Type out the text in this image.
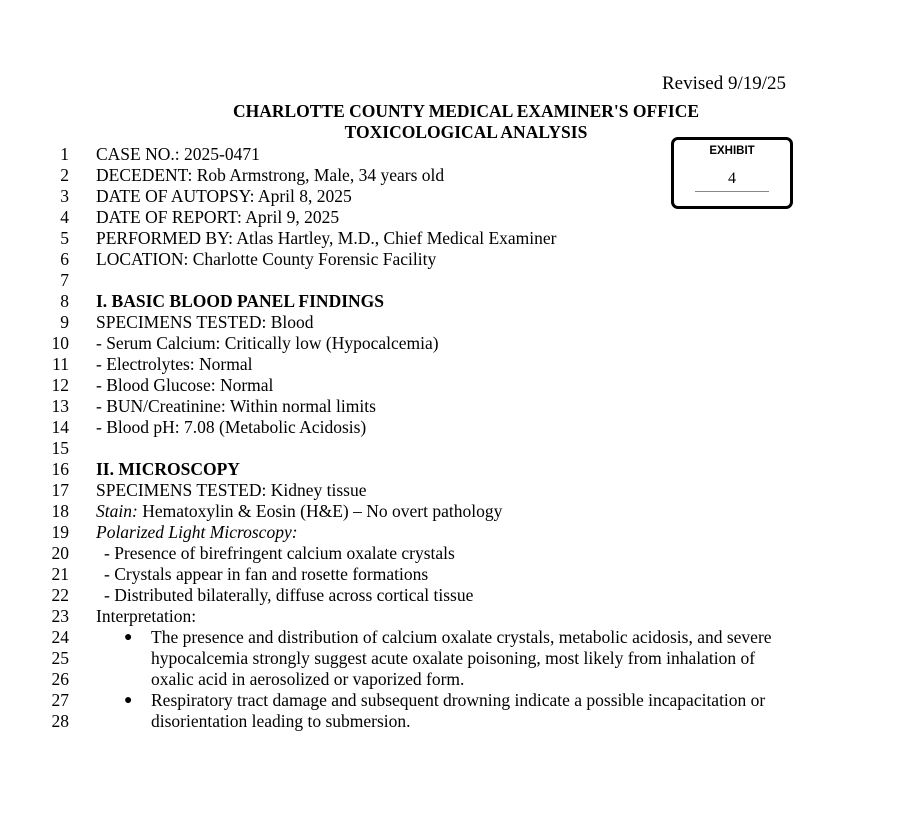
Revised 9/19/25
CHARLOTTE COUNTY MEDICAL EXAMINER'S OFFICE
TOXICOLOGICAL ANALYSIS
EXHIBIT
4
1 CASE NO.: 2025-0471
2 DECEDENT: Rob Armstrong, Male, 34 years old
3 DATE OF AUTOPSY: April 8, 2025
4 DATE OF REPORT: April 9, 2025
5 PERFORMED BY: Atlas Hartley, M.D., Chief Medical Examiner
6 LOCATION: Charlotte County Forensic Facility
7
8 I. BASIC BLOOD PANEL FINDINGS
9 SPECIMENS TESTED: Blood
10 - Serum Calcium: Critically low (Hypocalcemia)
11 - Electrolytes: Normal
12 - Blood Glucose: Normal
13 - BUN/Creatinine: Within normal limits
14 - Blood pH: 7.08 (Metabolic Acidosis)
15
16 II. MICROSCOPY
17 SPECIMENS TESTED: Kidney tissue
18 Stain: Hematoxylin & Eosin (H&E) – No overt pathology
19 Polarized Light Microscopy:
20 - Presence of birefringent calcium oxalate crystals
21 - Crystals appear in fan and rosette formations
22 - Distributed bilaterally, diffuse across cortical tissue
23 Interpretation:
24	● The presence and distribution of calcium oxalate crystals, metabolic acidosis, and severe
25	hypocalcemia strongly suggest acute oxalate poisoning, most likely from inhalation of
26	oxalic acid in aerosolized or vaporized form.
27	● Respiratory tract damage and subsequent drowning indicate a possible incapacitation or
28	disorientation leading to submersion.
